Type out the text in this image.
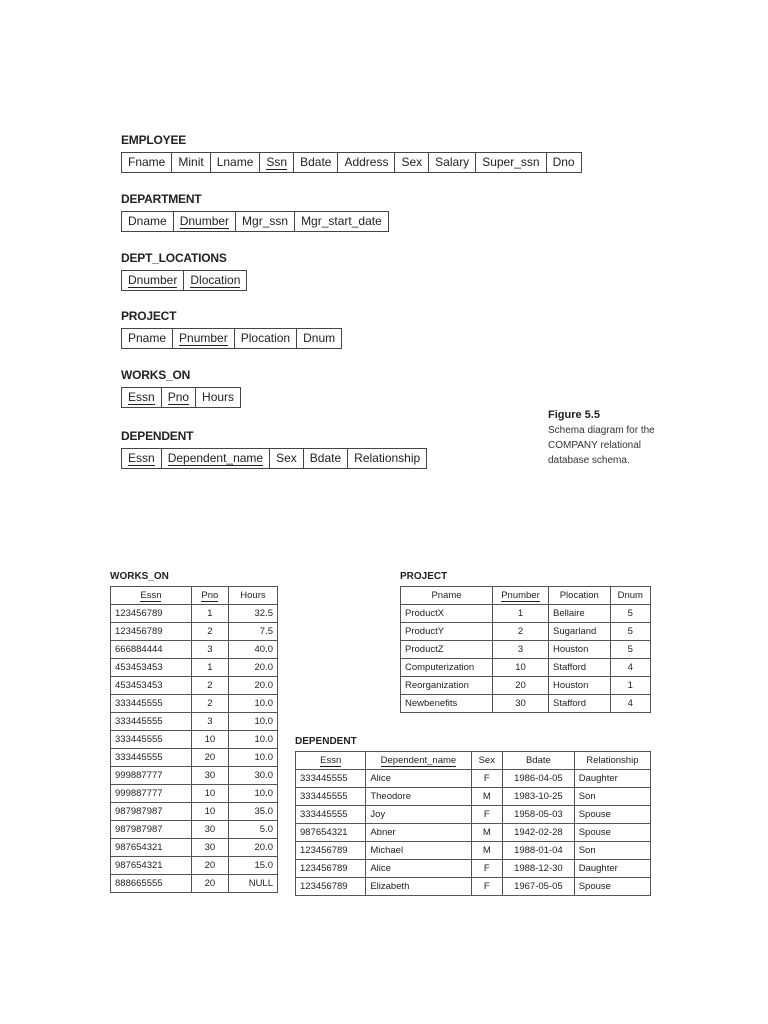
EMPLOYEE
Fname	Minit	Lname	Ssn	Bdate	Address	Sex	Salary	Super_ssn	Dno
DEPARTMENT
Dname	Dnumber	Mgr_ssn	Mgr_start_date
DEPT_LOCATIONS
Dnumber	Dlocation
PROJECT
Pname	Pnumber	Plocation	Dnum
WORKS_ON
Essn	Pno	Hours
DEPENDENT
Essn	Dependent_name	Sex	Bdate	Relationship
Figure 5.5
Schema diagram for the
COMPANY relational
database schema.
WORKS_ON
Essn	Pno	Hours
123456789	1	32.5
123456789	2	7.5
666884444	3	40.0
453453453	1	20.0
453453453	2	20.0
333445555	2	10.0
333445555	3	10.0
333445555	10	10.0
333445555	20	10.0
999887777	30	30.0
999887777	10	10.0
987987987	10	35.0
987987987	30	5.0
987654321	30	20.0
987654321	20	15.0
888665555	20	NULL
PROJECT
Pname	Pnumber	Plocation	Dnum
ProductX	1	Bellaire	5
ProductY	2	Sugarland	5
ProductZ	3	Houston	5
Computerization	10	Stafford	4
Reorganization	20	Houston	1
Newbenefits	30	Stafford	4
DEPENDENT
Essn	Dependent_name	Sex	Bdate	Relationship
333445555	Alice	F	1986-04-05	Daughter
333445555	Theodore	M	1983-10-25	Son
333445555	Joy	F	1958-05-03	Spouse
987654321	Abner	M	1942-02-28	Spouse
123456789	Michael	M	1988-01-04	Son
123456789	Alice	F	1988-12-30	Daughter
123456789	Elizabeth	F	1967-05-05	Spouse
